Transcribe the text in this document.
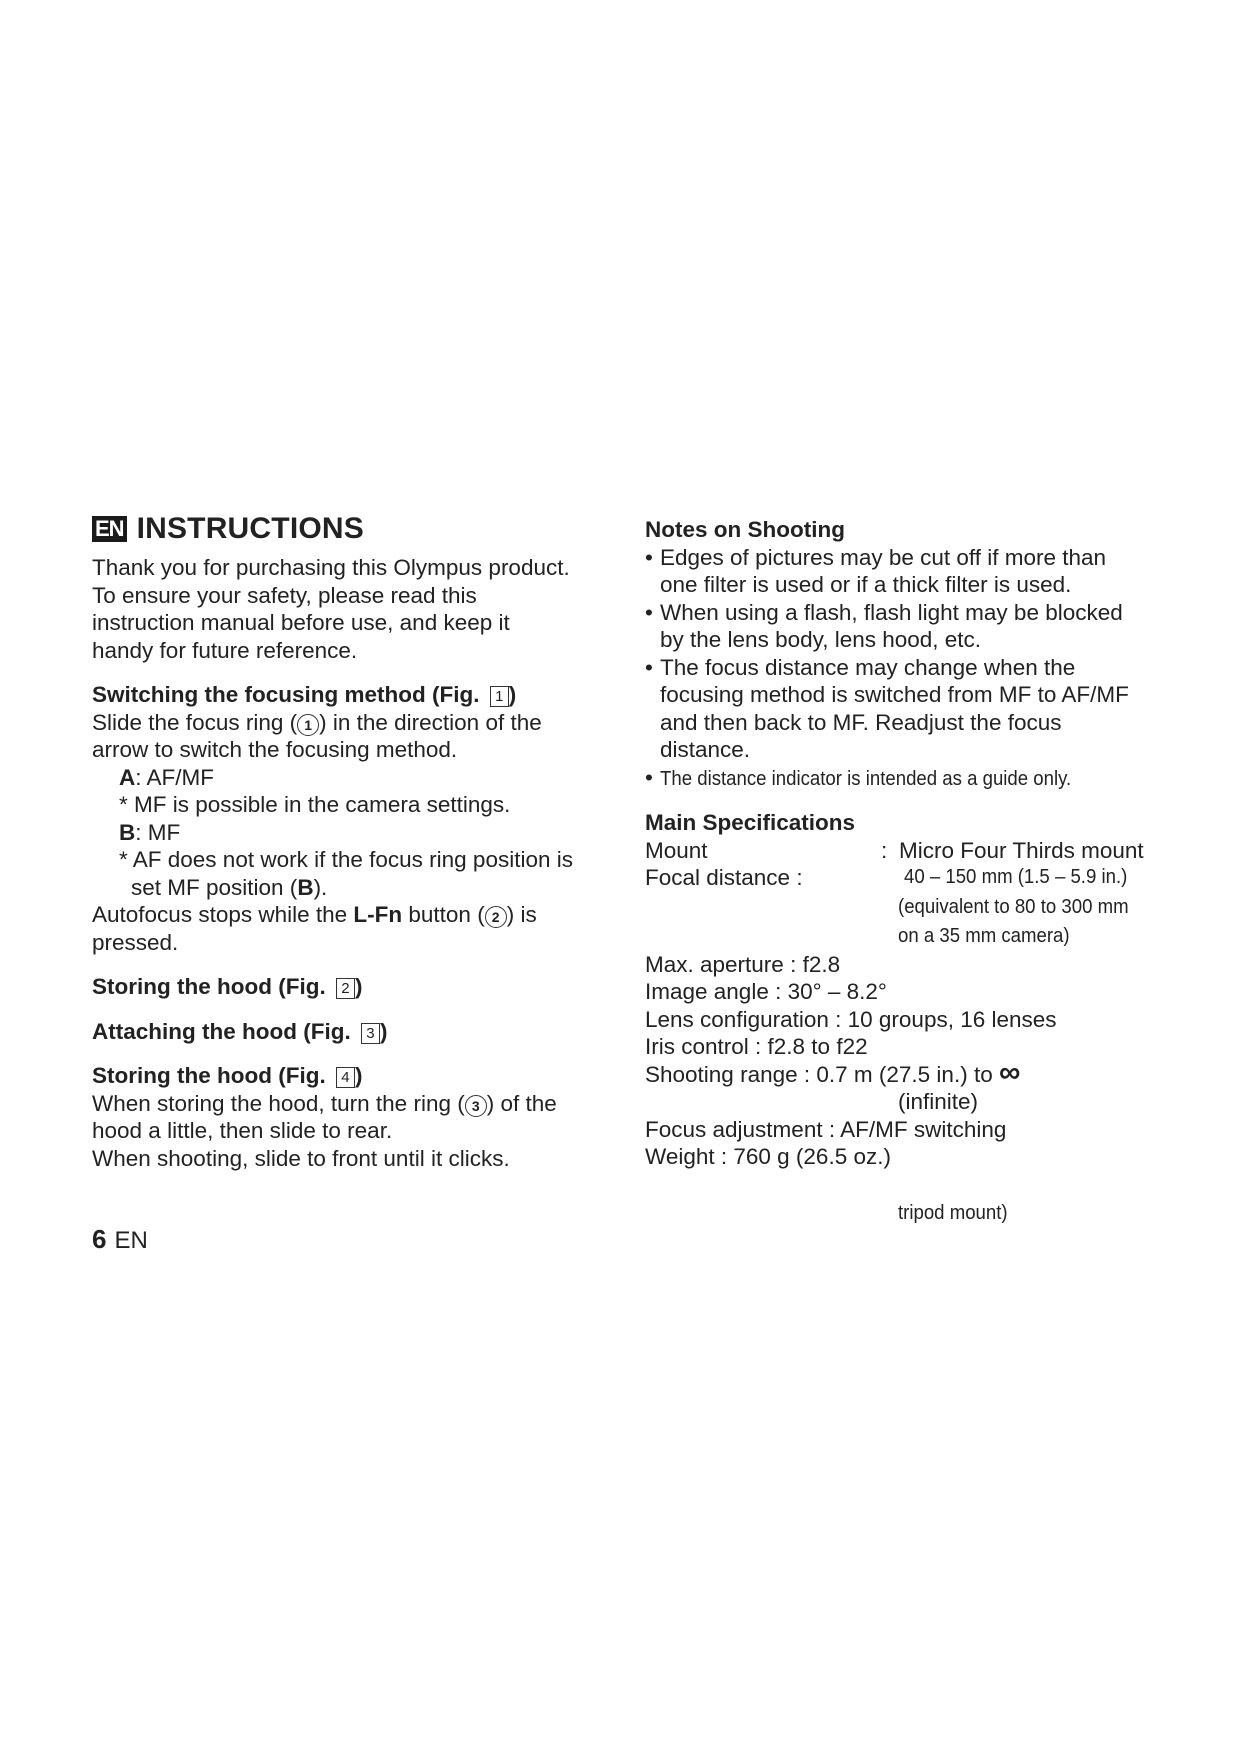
EN INSTRUCTIONS
Thank you for purchasing this Olympus product.
To ensure your safety, please read this
instruction manual before use, and keep it
handy for future reference.
Switching the focusing method (Fig. 1 )
Slide the focus ring ( 1 ) in the direction of the
arrow to switch the focusing method.
A: AF/MF
* MF is possible in the camera settings.
B: MF
* AF does not work if the focus ring position is
set MF position (B).
Autofocus stops while the L-Fn button ( 2 ) is
pressed.
Storing the hood (Fig. 2 )
Attaching the hood (Fig. 3 )
Storing the hood (Fig. 4 )
When storing the hood, turn the ring ( 3 ) of the
hood a little, then slide to rear.
When shooting, slide to front until it clicks.
Notes on Shooting
• Edges of pictures may be cut off if more than
one filter is used or if a thick filter is used.
• When using a flash, flash light may be blocked
by the lens body, lens hood, etc.
• The focus distance may change when the
focusing method is switched from MF to AF/MF
and then back to MF. Readjust the focus
distance.
• The distance indicator is intended as a guide only.
Main Specifications
Mount	: Micro Four Thirds mount
Focal distance :	40 – 150 mm (1.5 – 5.9 in.)
(equivalent to 80 to 300 mm
on a 35 mm camera)
Max. aperture : f2.8
Image angle : 30° – 8.2°
Lens configuration : 10 groups, 16 lenses
Iris control : f2.8 to f22
Shooting range : 0.7 m (27.5 in.) to ∞
(infinite)
Focus adjustment : AF/MF switching
Weight : 760 g (26.5 oz.)
tripod mount)
6 EN
